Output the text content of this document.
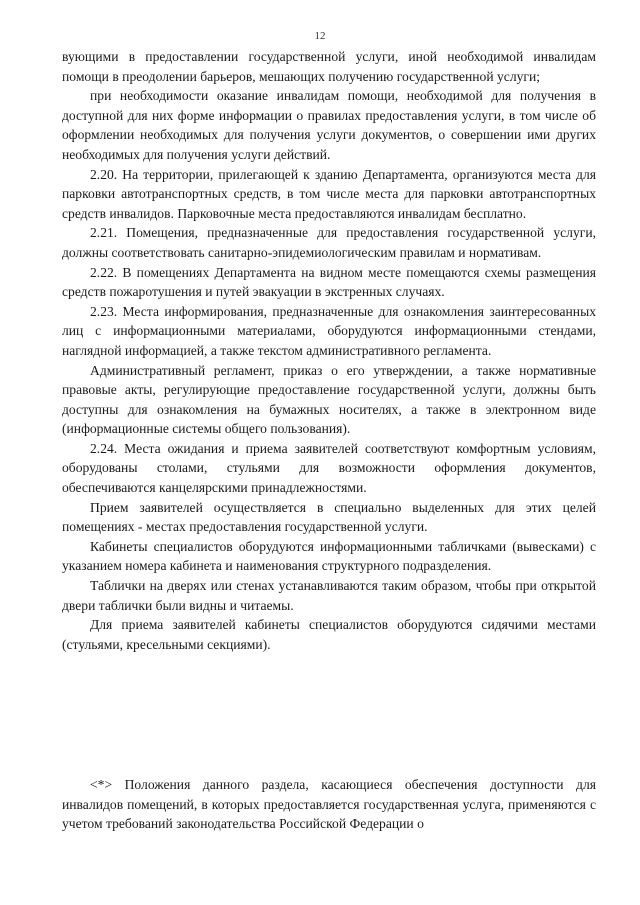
12

вующими в предоставлении государственной услуги, иной необходимой инвалидам помощи в преодолении барьеров, мешающих получению государственной услуги;

при необходимости оказание инвалидам помощи, необходимой для получения в доступной для них форме информации о правилах предоставления услуги, в том числе об оформлении необходимых для получения услуги документов, о совершении ими других необходимых для получения услуги действий.

2.20. На территории, прилегающей к зданию Департамента, организуются места для парковки автотранспортных средств, в том числе места для парковки автотранспортных средств инвалидов. Парковочные места предоставляются инвалидам бесплатно.

2.21. Помещения, предназначенные для предоставления государственной услуги, должны соответствовать санитарно-эпидемиологическим правилам и нормативам.

2.22. В помещениях Департамента на видном месте помещаются схемы размещения средств пожаротушения и путей эвакуации в экстренных случаях.

2.23. Места информирования, предназначенные для ознакомления заинтересованных лиц с информационными материалами, оборудуются информационными стендами, наглядной информацией, а также текстом административного регламента.

Административный регламент, приказ о его утверждении, а также нормативные правовые акты, регулирующие предоставление государственной услуги, должны быть доступны для ознакомления на бумажных носителях, а также в электронном виде (информационные системы общего пользования).

2.24. Места ожидания и приема заявителей соответствуют комфортным условиям, оборудованы столами, стульями для возможности оформления документов, обеспечиваются канцелярскими принадлежностями.

Прием заявителей осуществляется в специально выделенных для этих целей помещениях - местах предоставления государственной услуги.

Кабинеты специалистов оборудуются информационными табличками (вывесками) с указанием номера кабинета и наименования структурного подразделения.

Таблички на дверях или стенах устанавливаются таким образом, чтобы при открытой двери таблички были видны и читаемы.

Для приема заявителей кабинеты специалистов оборудуются сидячими местами (стульями, кресельными секциями).

<*> Положения данного раздела, касающиеся обеспечения доступности для инвалидов помещений, в которых предоставляется государственная услуга, применяются с учетом требований законодательства Российской Федерации о
